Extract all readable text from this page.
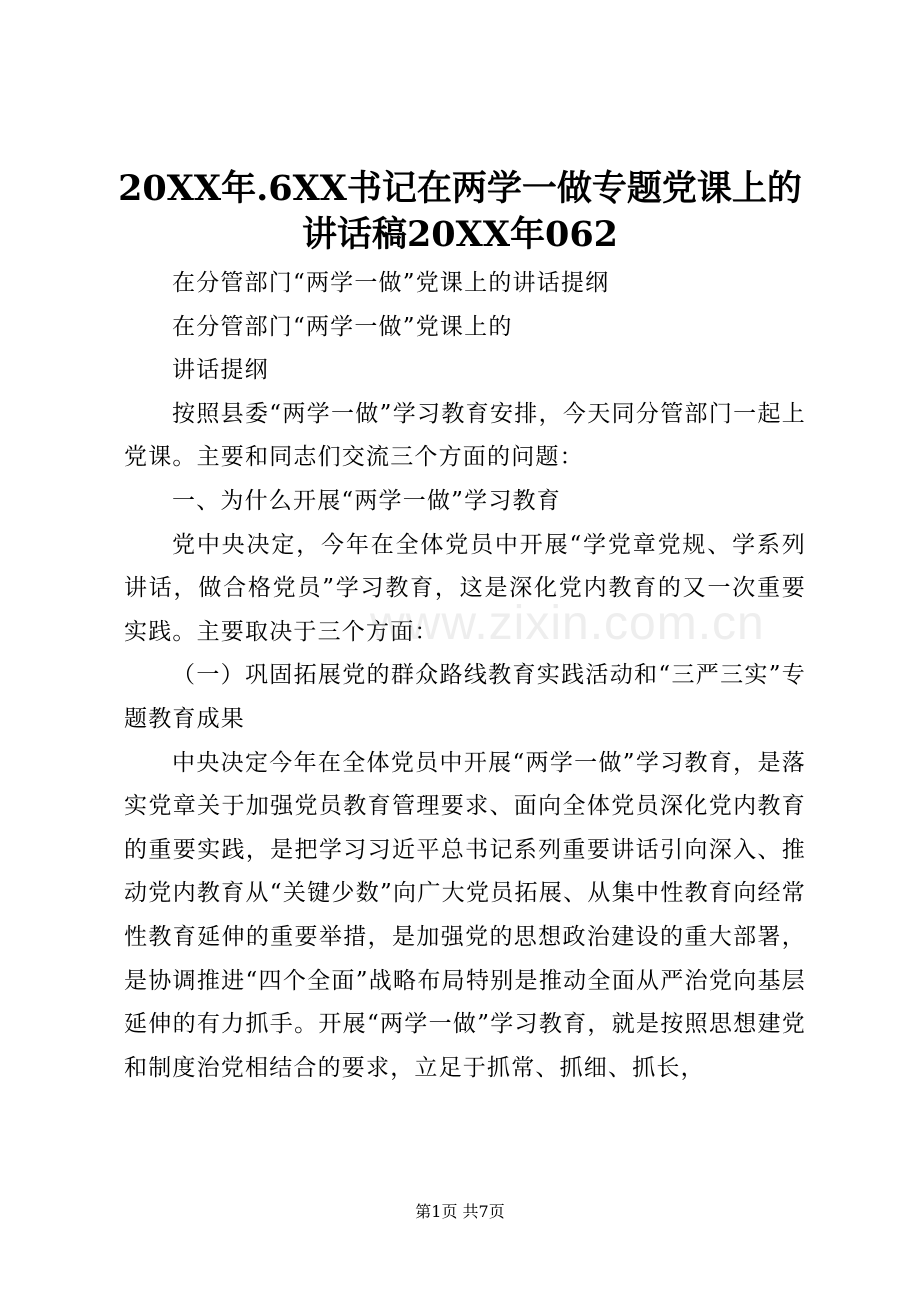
20XX年.6XX书记在两学一做专题党课上的讲话稿20XX年062

在分管部门“两学一做”党课上的讲话提纲

在分管部门“两学一做”党课上的

讲话提纲

按照县委“两学一做”学习教育安排，今天同分管部门一起上党课。主要和同志们交流三个方面的问题：

一、为什么开展“两学一做”学习教育

党中央决定，今年在全体党员中开展“学党章党规、学系列讲话，做合格党员”学习教育，这是深化党内教育的又一次重要实践。主要取决于三个方面：

（一）巩固拓展党的群众路线教育实践活动和“三严三实”专题教育成果

中央决定今年在全体党员中开展“两学一做”学习教育，是落实党章关于加强党员教育管理要求、面向全体党员深化党内教育的重要实践，是把学习习近平总书记系列重要讲话引向深入、推动党内教育从“关键少数”向广大党员拓展、从集中性教育向经常性教育延伸的重要举措，是加强党的思想政治建设的重大部署，是协调推进“四个全面”战略布局特别是推动全面从严治党向基层延伸的有力抓手。开展“两学一做”学习教育，就是按照思想建党和制度治党相结合的要求，立足于抓常、抓细、抓长，

www.zixin.com.cn
第1页 共7页
